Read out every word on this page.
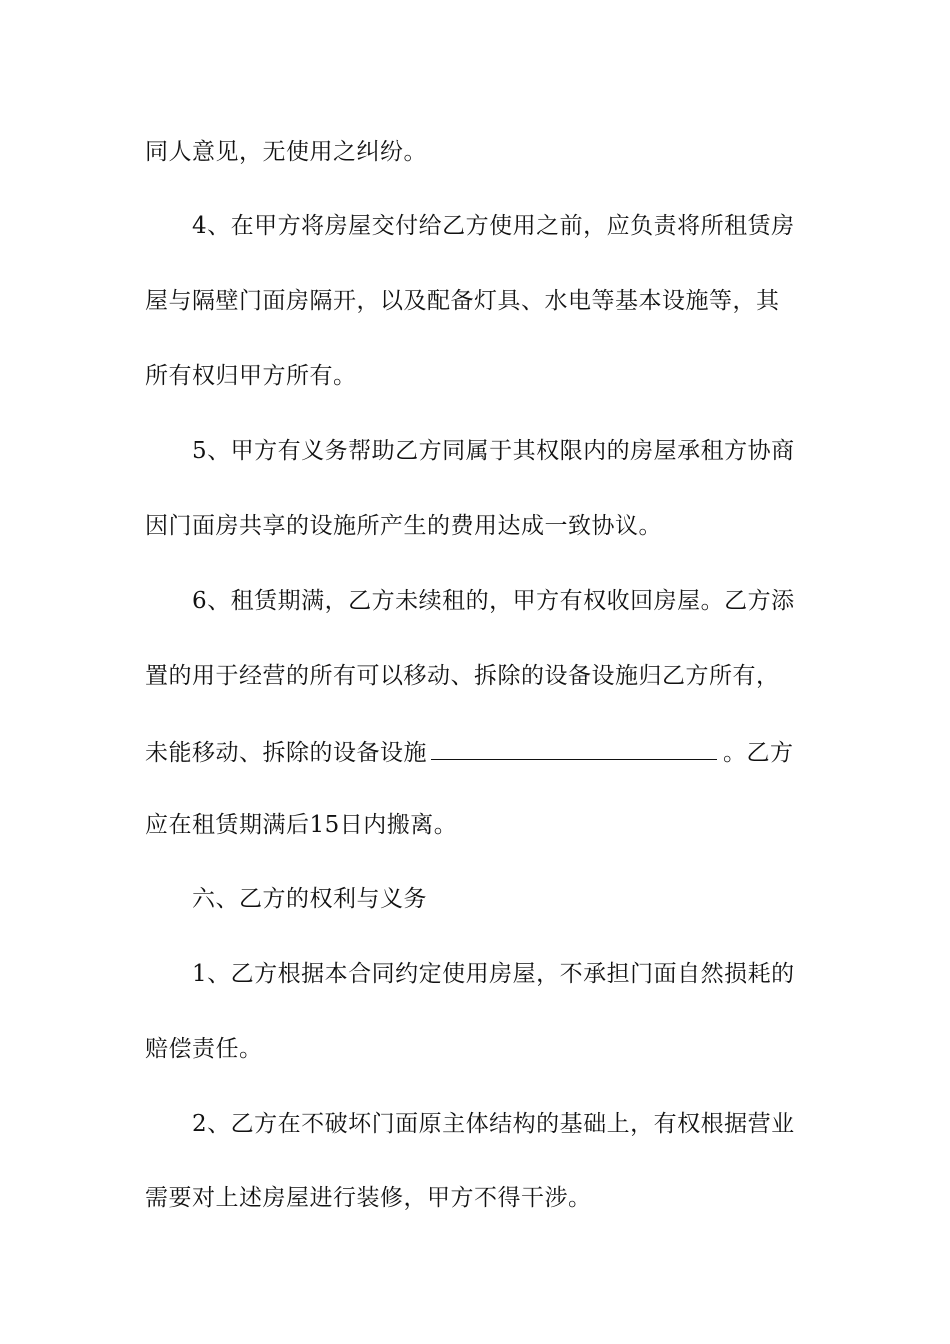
同人意见，无使用之纠纷。
4、在甲方将房屋交付给乙方使用之前，应负责将所租赁房
屋与隔壁门面房隔开，以及配备灯具、水电等基本设施等，其
所有权归甲方所有。
5、甲方有义务帮助乙方同属于其权限内的房屋承租方协商
因门面房共享的设施所产生的费用达成一致协议。
6、租赁期满，乙方未续租的，甲方有权收回房屋。乙方添
置的用于经营的所有可以移动、拆除的设备设施归乙方所有，
未能移动、拆除的设备设施	。乙方
应在租赁期满后15日内搬离。
六、乙方的权利与义务
1、乙方根据本合同约定使用房屋，不承担门面自然损耗的
赔偿责任。
2、乙方在不破坏门面原主体结构的基础上，有权根据营业
需要对上述房屋进行装修，甲方不得干涉。
